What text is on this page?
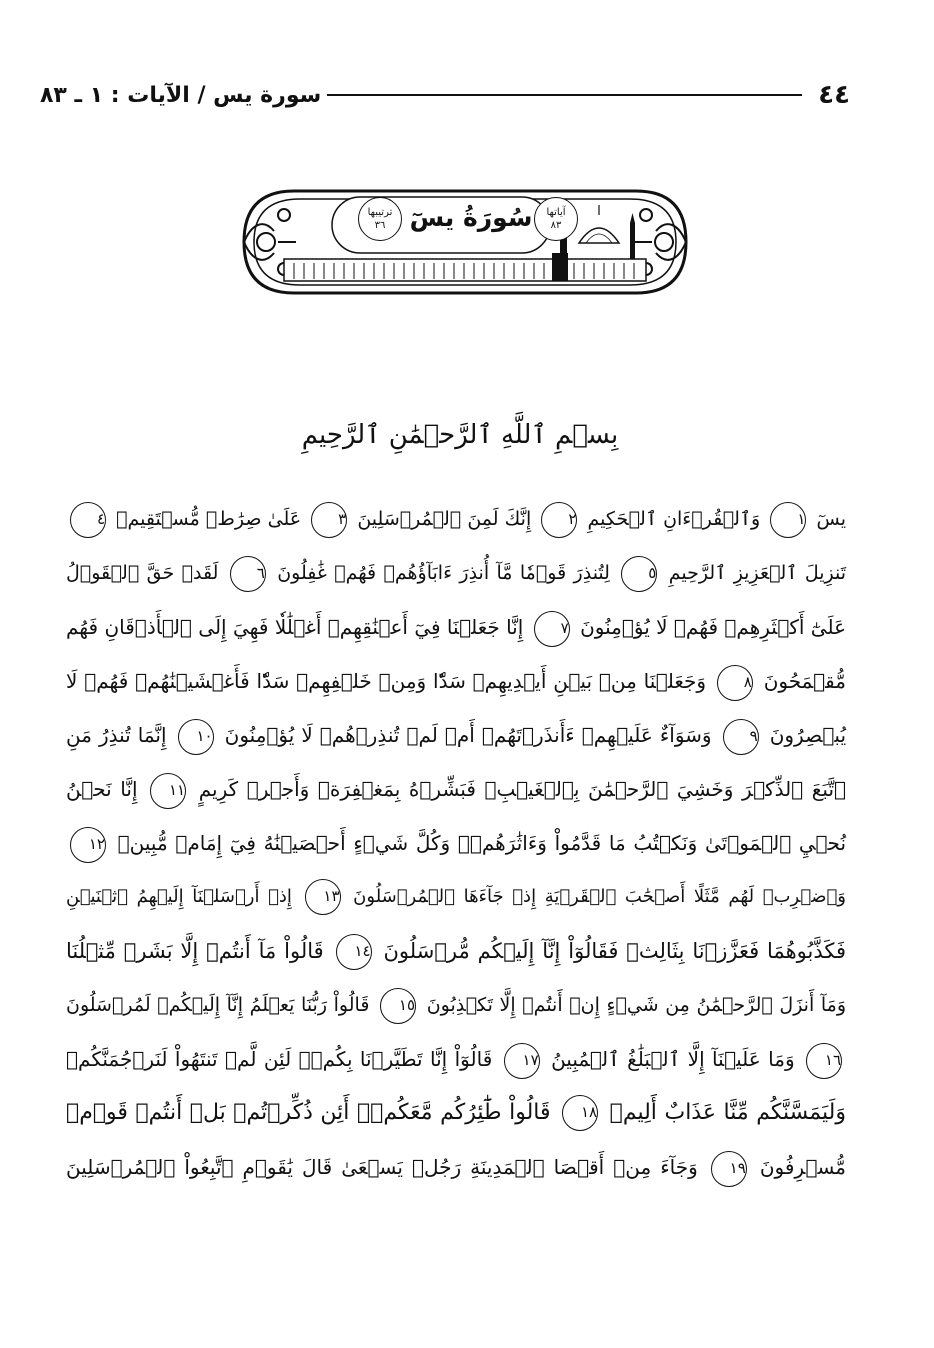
٤٤
سورة يس / الآيات : ١ ـ ٨٣
ترتيبها
٣٦ سُورَةُ يسٓ	آياتها
٨٣
بِسۡمِ ٱللَّهِ ٱلرَّحۡمَٰنِ ٱلرَّحِيمِ
يسٓ ١ وَٱلۡقُرۡءَانِ ٱلۡحَكِيمِ ٢ إِنَّكَ لَمِنَ ٱلۡمُرۡسَلِينَ ٣ عَلَىٰ صِرَٰطٖ مُّسۡتَقِيمٖ ٤
تَنزِيلَ ٱلۡعَزِيزِ ٱلرَّحِيمِ ٥ لِتُنذِرَ قَوۡمٗا مَّآ أُنذِرَ ءَابَآؤُهُمۡ فَهُمۡ غَٰفِلُونَ ٦ لَقَدۡ حَقَّ ٱلۡقَوۡلُ
عَلَىٰٓ أَكۡثَرِهِمۡ فَهُمۡ لَا يُؤۡمِنُونَ ٧ إِنَّا جَعَلۡنَا فِيٓ أَعۡنَٰقِهِمۡ أَغۡلَٰلٗا فَهِيَ إِلَى ٱلۡأَذۡقَانِ فَهُم
مُّقۡمَحُونَ ٨ وَجَعَلۡنَا مِنۢ بَيۡنِ أَيۡدِيهِمۡ سَدّٗا وَمِنۡ خَلۡفِهِمۡ سَدّٗا فَأَغۡشَيۡنَٰهُمۡ فَهُمۡ لَا
يُبۡصِرُونَ ٩ وَسَوَآءٌ عَلَيۡهِمۡ ءَأَنذَرۡتَهُمۡ أَمۡ لَمۡ تُنذِرۡهُمۡ لَا يُؤۡمِنُونَ ١٠ إِنَّمَا تُنذِرُ مَنِ
ٱتَّبَعَ ٱلذِّكۡرَ وَخَشِيَ ٱلرَّحۡمَٰنَ بِٱلۡغَيۡبِۖ فَبَشِّرۡهُ بِمَغۡفِرَةٖ وَأَجۡرٖ كَرِيمٍ ١١ إِنَّا نَحۡنُ
نُحۡيِ ٱلۡمَوۡتَىٰ وَنَكۡتُبُ مَا قَدَّمُواْ وَءَاثَٰرَهُمۡۚ وَكُلَّ شَيۡءٍ أَحۡصَيۡنَٰهُ فِيٓ إِمَامٖ مُّبِينٖ ١٢
وَٱضۡرِبۡ لَهُم مَّثَلًا أَصۡحَٰبَ ٱلۡقَرۡيَةِ إِذۡ جَآءَهَا ٱلۡمُرۡسَلُونَ ١٣ إِذۡ أَرۡسَلۡنَآ إِلَيۡهِمُ ٱثۡنَيۡنِ
فَكَذَّبُوهُمَا فَعَزَّزۡنَا بِثَالِثٖ فَقَالُوٓاْ إِنَّآ إِلَيۡكُم مُّرۡسَلُونَ ١٤ قَالُواْ مَآ أَنتُمۡ إِلَّا بَشَرٞ مِّثۡلُنَا
وَمَآ أَنزَلَ ٱلرَّحۡمَٰنُ مِن شَيۡءٍ إِنۡ أَنتُمۡ إِلَّا تَكۡذِبُونَ ١٥ قَالُواْ رَبُّنَا يَعۡلَمُ إِنَّآ إِلَيۡكُمۡ لَمُرۡسَلُونَ
١٦ وَمَا عَلَيۡنَآ إِلَّا ٱلۡبَلَٰغُ ٱلۡمُبِينُ ١٧ قَالُوٓاْ إِنَّا تَطَيَّرۡنَا بِكُمۡۖ لَئِن لَّمۡ تَنتَهُواْ لَنَرۡجُمَنَّكُمۡ
وَلَيَمَسَّنَّكُم مِّنَّا عَذَابٌ أَلِيمٞ ١٨ قَالُواْ طَٰٓئِرُكُم مَّعَكُمۡۚ أَئِن ذُكِّرۡتُمۚ بَلۡ أَنتُمۡ قَوۡمٞ
مُّسۡرِفُونَ ١٩ وَجَآءَ مِنۡ أَقۡصَا ٱلۡمَدِينَةِ رَجُلٞ يَسۡعَىٰ قَالَ يَٰقَوۡمِ ٱتَّبِعُواْ ٱلۡمُرۡسَلِينَ
